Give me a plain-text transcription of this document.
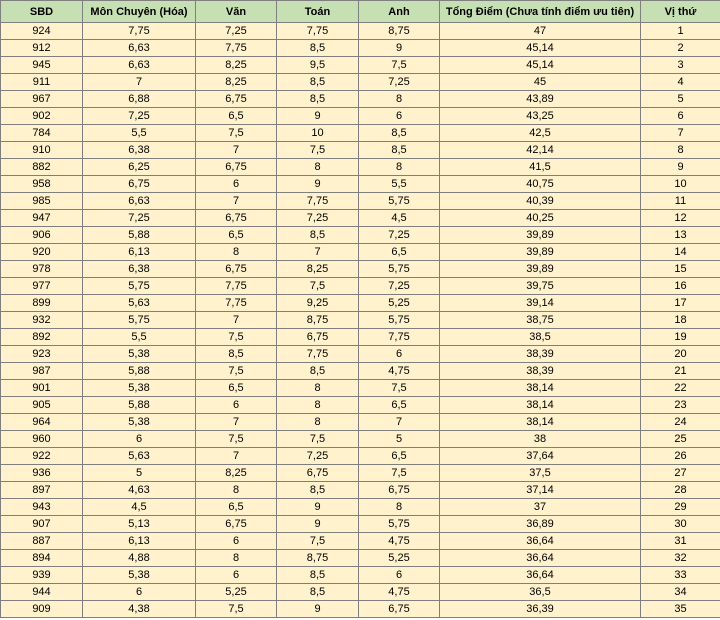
SBD	Môn Chuyên (Hóa)	Văn	Toán	Anh	Tổng Điểm (Chưa tính điểm ưu tiên)	Vị thứ
924	7,75	7,25	7,75	8,75	47	1
912	6,63	7,75	8,5	9	45,14	2
945	6,63	8,25	9,5	7,5	45,14	3
911	7	8,25	8,5	7,25	45	4
967	6,88	6,75	8,5	8	43,89	5
902	7,25	6,5	9	6	43,25	6
784	5,5	7,5	10	8,5	42,5	7
910	6,38	7	7,5	8,5	42,14	8
882	6,25	6,75	8	8	41,5	9
958	6,75	6	9	5,5	40,75	10
985	6,63	7	7,75	5,75	40,39	11
947	7,25	6,75	7,25	4,5	40,25	12
906	5,88	6,5	8,5	7,25	39,89	13
920	6,13	8	7	6,5	39,89	14
978	6,38	6,75	8,25	5,75	39,89	15
977	5,75	7,75	7,5	7,25	39,75	16
899	5,63	7,75	9,25	5,25	39,14	17
932	5,75	7	8,75	5,75	38,75	18
892	5,5	7,5	6,75	7,75	38,5	19
923	5,38	8,5	7,75	6	38,39	20
987	5,88	7,5	8,5	4,75	38,39	21
901	5,38	6,5	8	7,5	38,14	22
905	5,88	6	8	6,5	38,14	23
964	5,38	7	8	7	38,14	24
960	6	7,5	7,5	5	38	25
922	5,63	7	7,25	6,5	37,64	26
936	5	8,25	6,75	7,5	37,5	27
897	4,63	8	8,5	6,75	37,14	28
943	4,5	6,5	9	8	37	29
907	5,13	6,75	9	5,75	36,89	30
887	6,13	6	7,5	4,75	36,64	31
894	4,88	8	8,75	5,25	36,64	32
939	5,38	6	8,5	6	36,64	33
944	6	5,25	8,5	4,75	36,5	34
909	4,38	7,5	9	6,75	36,39	35
